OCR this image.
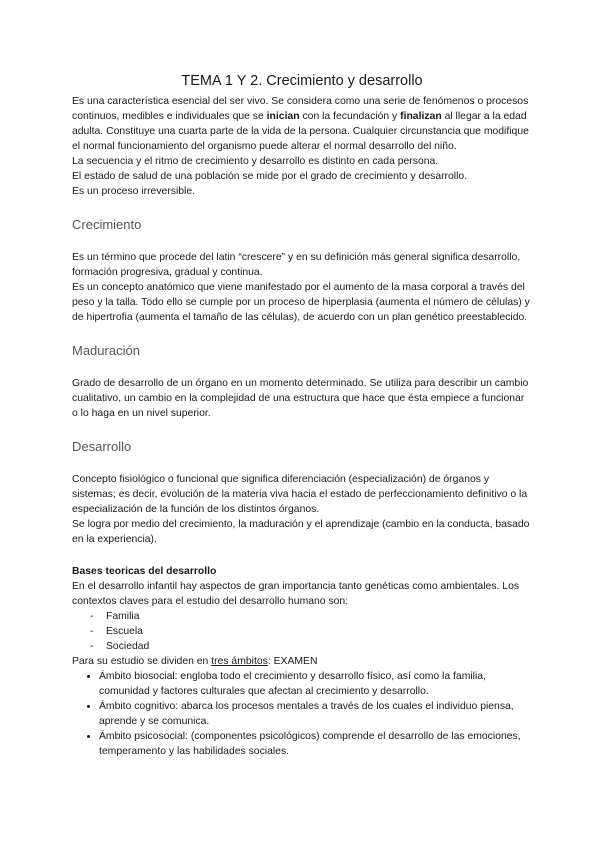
TEMA 1 Y 2. Crecimiento y desarrollo

Es una característica esencial del ser vivo. Se considera como una serie de fenómenos o procesos continuos, medibles e individuales que se inician con la fecundación y finalizan al llegar a la edad adulta. Constituye una cuarta parte de la vida de la persona. Cualquier circunstancia que modifique el normal funcionamiento del organismo puede alterar el normal desarrollo del niño.

La secuencia y el ritmo de crecimiento y desarrollo es distinto en cada persona.

El estado de salud de una población se mide por el grado de crecimiento y desarrollo.

Es un proceso irreversible.

Crecimiento

Es un término que procede del latin “crescere” y en su definición más general significa desarrollo, formación progresiva, gradual y continua.

Es un concepto anatómico que viene manifestado por el aumento de la masa corporal a través del peso y la talla. Todo ello se cumple por un proceso de hiperplasia (aumenta el número de células) y de hipertrofia (aumenta el tamaño de las células), de acuerdo con un plan genético preestablecido.

Maduración

Grado de desarrollo de un órgano en un momento determinado. Se utiliza para describir un cambio cualitativo, un cambio en la complejidad de una estructura que hace que ésta empiece a funcionar o lo haga en un nivel superior.

Desarrollo

Concepto fisiológico o funcional que significa diferenciación (especialización) de órganos y sistemas; es decir, evolución de la materia viva hacia el estado de perfeccionamiento definitivo o la especialización de la función de los distintos órganos.

Se logra por medio del crecimiento, la maduración y el aprendizaje (cambio en la conducta, basado en la experiencia).

Bases teoricas del desarrollo

En el desarrollo infantil hay aspectos de gran importancia tanto genéticas como ambientales. Los contextos claves para el estudio del desarrollo humano son:

- Familia
- Escuela
- Sociedad

Para su estudio se dividen en tres ámbitos: EXAMEN

• Ámbito biosocial: engloba todo el crecimiento y desarrollo físico, así como la familia, comunidad y factores culturales que afectan al crecimiento y desarrollo.
• Ámbito cognitivo: abarca los procesos mentales a través de los cuales el individuo piensa, aprende y se comunica.
• Ámbito psicosocial: (componentes psicológicos) comprende el desarrollo de las emociones, temperamento y las habilidades sociales.
